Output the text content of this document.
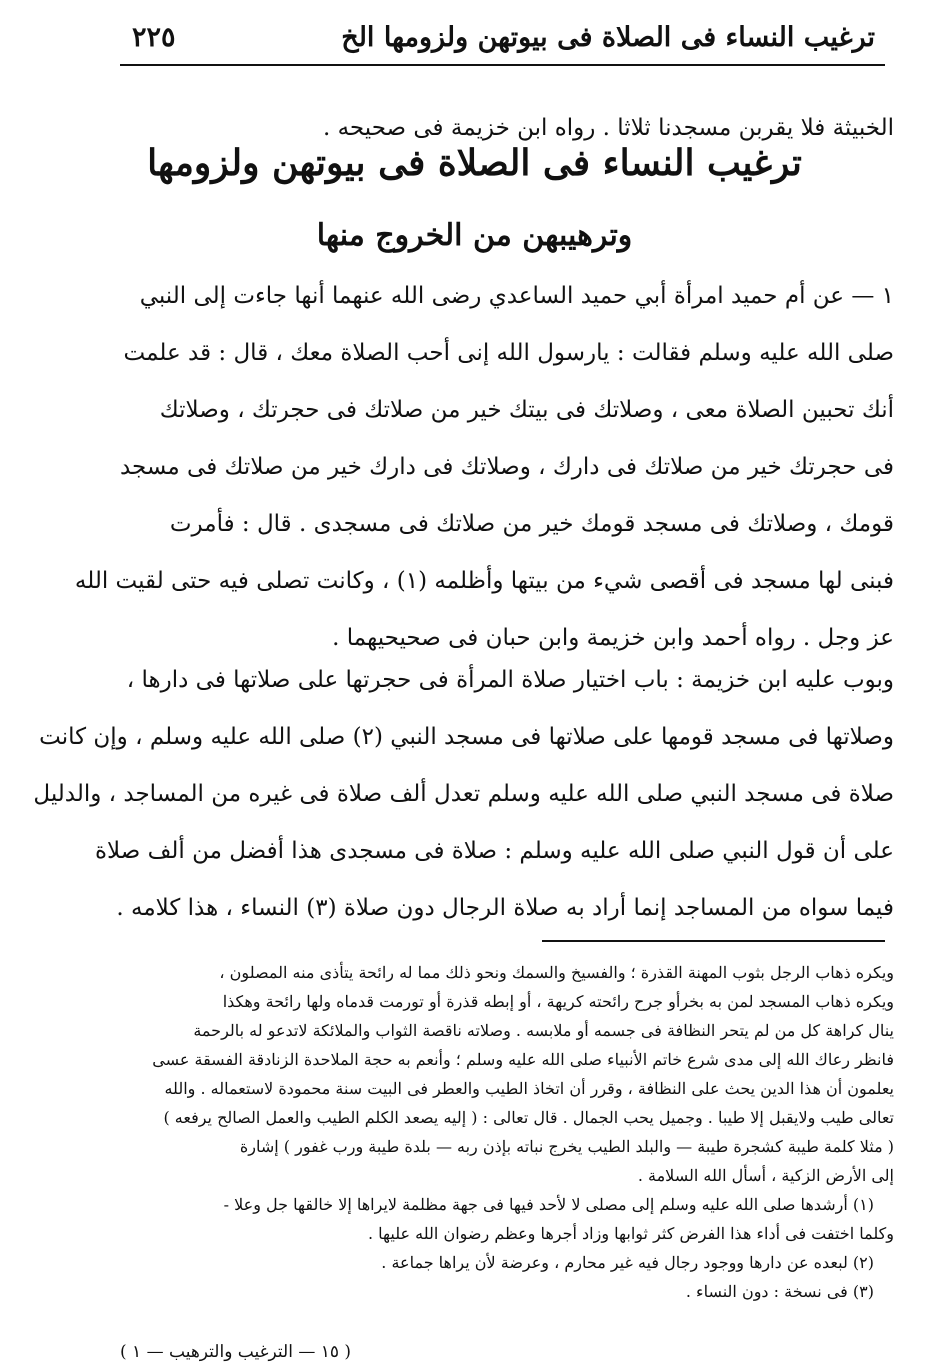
٢٢٥	ترغيب النساء فى الصلاة فى بيوتهن ولزومها الخ
الخبيثة فلا يقربن مسجدنا ثلاثا . رواه ابن خزيمة فى صحيحه .
ترغيب النساء فى الصلاة فى بيوتهن ولزومها
وترهيبهن من الخروج منها
١ — عن أم حميد امرأة أبي حميد الساعدي رضى الله عنهما أنها جاءت إلى النبي
صلى الله عليه وسلم فقالت : يارسول الله إنى أحب الصلاة معك ، قال : قد علمت
أنك تحبين الصلاة معى ، وصلاتك فى بيتك خير من صلاتك فى حجرتك ، وصلاتك
فى حجرتك خير من صلاتك فى دارك ، وصلاتك فى دارك خير من صلاتك فى مسجد
قومك ، وصلاتك فى مسجد قومك خير من صلاتك فى مسجدى . قال : فأمرت
فبنى لها مسجد فى أقصى شيء من بيتها وأظلمه (١) ، وكانت تصلى فيه حتى لقيت الله
عز وجل . رواه أحمد وابن خزيمة وابن حبان فى صحيحيهما .
وبوب عليه ابن خزيمة : باب اختيار صلاة المرأة فى حجرتها على صلاتها فى دارها ،
وصلاتها فى مسجد قومها على صلاتها فى مسجد النبي (٢) صلى الله عليه وسلم ، وإن كانت
صلاة فى مسجد النبي صلى الله عليه وسلم تعدل ألف صلاة فى غيره من المساجد ، والدليل
على أن قول النبي صلى الله عليه وسلم : صلاة فى مسجدى هذا أفضل من ألف صلاة
فيما سواه من المساجد إنما أراد به صلاة الرجال دون صلاة (٣) النساء ، هذا كلامه .
ويكره ذهاب الرجل بثوب المهنة القذرة ؛ والفسيخ والسمك ونحو ذلك مما له رائحة يتأذى منه المصلون ،
ويكره ذهاب المسجد لمن به بخرأو جرح رائحته كريهة ، أو إبطه قذرة أو تورمت قدماه ولها رائحة وهكذا
ينال كراهة كل من لم يتحر النظافة فى جسمه أو ملابسه . وصلاته ناقصة الثواب والملائكة لاتدعو له بالرحمة
فانظر رعاك الله إلى مدى شرع خاتم الأنبياء صلى الله عليه وسلم ؛ وأنعم به حجة الملاحدة الزنادقة الفسقة عسى
يعلمون أن هذا الدين يحث على النظافة ، وقرر أن اتخاذ الطيب والعطر فى البيت سنة محمودة لاستعماله . والله
تعالى طيب ولايقبل إلا طيبا . وجميل يحب الجمال . قال تعالى : ( إليه يصعد الكلم الطيب والعمل الصالح يرفعه )
( مثلا كلمة طيبة كشجرة طيبة — والبلد الطيب يخرج نباته بإذن ربه — بلدة طيبة ورب غفور ) إشارة
إلى الأرض الزكية ، أسأل الله السلامة .
(١) أرشدها صلى الله عليه وسلم إلى مصلى لا لأحد فيها فى جهة مظلمة لايراها إلا خالقها جل وعلا -
وكلما اختفت فى أداء هذا الفرض كثر ثوابها وزاد أجرها وعظم رضوان الله عليها .
(٢) لبعده عن دارها ووجود رجال فيه غير محارم ، وعرضة لأن يراها جماعة .
(٣) فى نسخة : دون النساء .
( ١٥ — الترغيب والترهيب — ١ )
